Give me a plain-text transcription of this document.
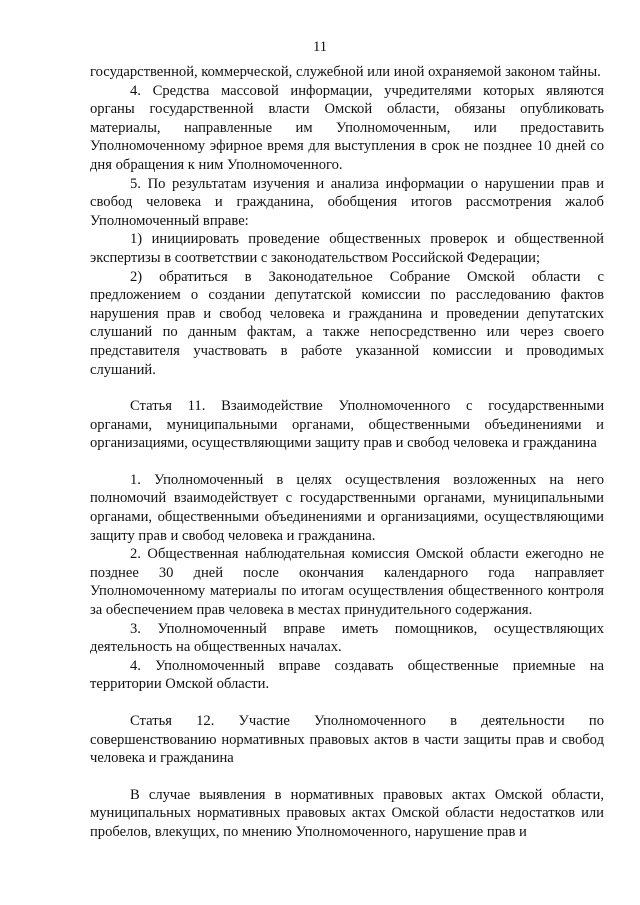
11

государственной, коммерческой, служебной или иной охраняемой законом тайны.

4. Средства массовой информации, учредителями которых являются органы государственной власти Омской области, обязаны опубликовать материалы, направленные им Уполномоченным, или предоставить Уполномоченному эфирное время для выступления в срок не позднее 10 дней со дня обращения к ним Уполномоченного.

5. По результатам изучения и анализа информации о нарушении прав и свобод человека и гражданина, обобщения итогов рассмотрения жалоб Уполномоченный вправе:

1) инициировать проведение общественных проверок и общественной экспертизы в соответствии с законодательством Российской Федерации;

2) обратиться в Законодательное Собрание Омской области с предложением о создании депутатской комиссии по расследованию фактов нарушения прав и свобод человека и гражданина и проведении депутатских слушаний по данным фактам, а также непосредственно или через своего представителя участвовать в работе указанной комиссии и проводимых слушаний.

Статья 11. Взаимодействие Уполномоченного с государственными органами, муниципальными органами, общественными объединениями и организациями, осуществляющими защиту прав и свобод человека и гражданина

1. Уполномоченный в целях осуществления возложенных на него полномочий взаимодействует с государственными органами, муниципальными органами, общественными объединениями и организациями, осуществляющими защиту прав и свобод человека и гражданина.

2. Общественная наблюдательная комиссия Омской области ежегодно не позднее 30 дней после окончания календарного года направляет Уполномоченному материалы по итогам осуществления общественного контроля за обеспечением прав человека в местах принудительного содержания.

3. Уполномоченный вправе иметь помощников, осуществляющих деятельность на общественных началах.

4. Уполномоченный вправе создавать общественные приемные на территории Омской области.

Статья 12. Участие Уполномоченного в деятельности по совершенствованию нормативных правовых актов в части защиты прав и свобод человека и гражданина

В случае выявления в нормативных правовых актах Омской области, муниципальных нормативных правовых актах Омской области недостатков или пробелов, влекущих, по мнению Уполномоченного, нарушение прав и
